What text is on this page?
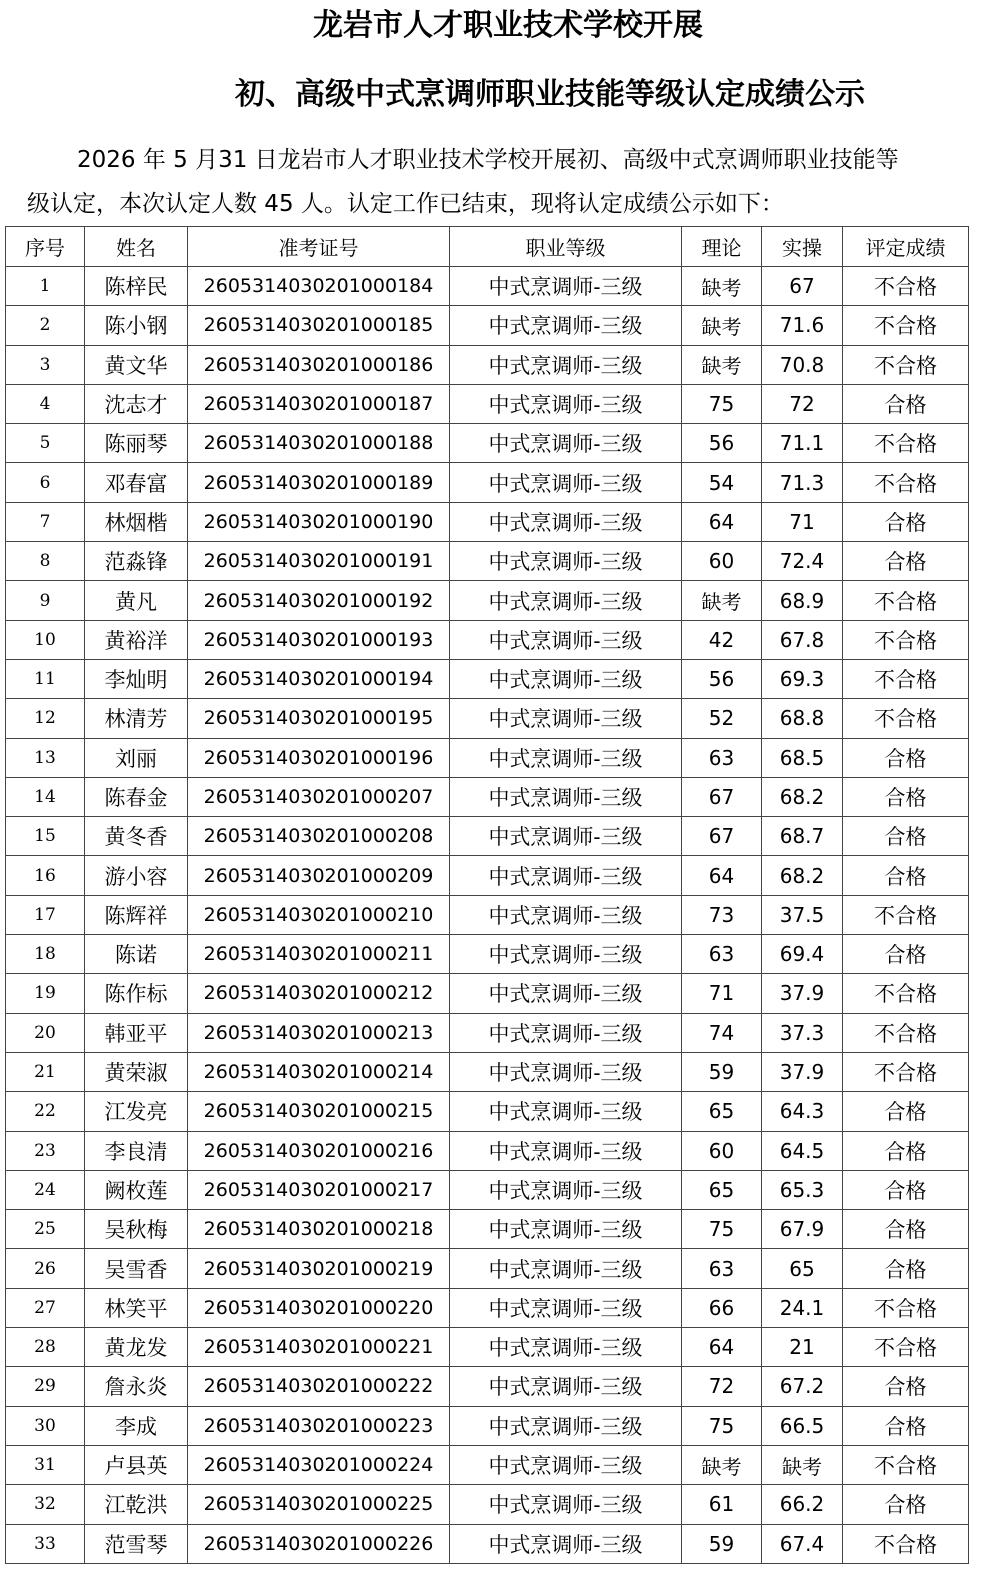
龙岩市人才职业技术学校开展
初、高级中式烹调师职业技能等级认定成绩公示

2026 年 5 月31 日龙岩市人才职业技术学校开展初、高级中式烹调师职业技能等

级认定，本次认定人数 45 人。认定工作已结束，现将认定成绩公示如下：

序号	姓名	准考证号	职业等级	理论	实操	评定成绩
1	陈梓民	2605314030201000184	中式烹调师-三级	缺考	67	不合格
2	陈小钢	2605314030201000185	中式烹调师-三级	缺考	71.6	不合格
3	黄文华	2605314030201000186	中式烹调师-三级	缺考	70.8	不合格
4	沈志才	2605314030201000187	中式烹调师-三级	75	72	合格
5	陈丽琴	2605314030201000188	中式烹调师-三级	56	71.1	不合格
6	邓春富	2605314030201000189	中式烹调师-三级	54	71.3	不合格
7	林烟楷	2605314030201000190	中式烹调师-三级	64	71	合格
8	范淼锋	2605314030201000191	中式烹调师-三级	60	72.4	合格
9	黄凡	2605314030201000192	中式烹调师-三级	缺考	68.9	不合格
10	黄裕洋	2605314030201000193	中式烹调师-三级	42	67.8	不合格
11	李灿明	2605314030201000194	中式烹调师-三级	56	69.3	不合格
12	林清芳	2605314030201000195	中式烹调师-三级	52	68.8	不合格
13	刘丽	2605314030201000196	中式烹调师-三级	63	68.5	合格
14	陈春金	2605314030201000207	中式烹调师-三级	67	68.2	合格
15	黄冬香	2605314030201000208	中式烹调师-三级	67	68.7	合格
16	游小容	2605314030201000209	中式烹调师-三级	64	68.2	合格
17	陈辉祥	2605314030201000210	中式烹调师-三级	73	37.5	不合格
18	陈诺	2605314030201000211	中式烹调师-三级	63	69.4	合格
19	陈作标	2605314030201000212	中式烹调师-三级	71	37.9	不合格
20	韩亚平	2605314030201000213	中式烹调师-三级	74	37.3	不合格
21	黄荣淑	2605314030201000214	中式烹调师-三级	59	37.9	不合格
22	江发亮	2605314030201000215	中式烹调师-三级	65	64.3	合格
23	李良清	2605314030201000216	中式烹调师-三级	60	64.5	合格
24	阙枚莲	2605314030201000217	中式烹调师-三级	65	65.3	合格
25	吴秋梅	2605314030201000218	中式烹调师-三级	75	67.9	合格
26	吴雪香	2605314030201000219	中式烹调师-三级	63	65	合格
27	林笑平	2605314030201000220	中式烹调师-三级	66	24.1	不合格
28	黄龙发	2605314030201000221	中式烹调师-三级	64	21	不合格
29	詹永炎	2605314030201000222	中式烹调师-三级	72	67.2	合格
30	李成	2605314030201000223	中式烹调师-三级	75	66.5	合格
31	卢县英	2605314030201000224	中式烹调师-三级	缺考	缺考	不合格
32	江乾洪	2605314030201000225	中式烹调师-三级	61	66.2	合格
33	范雪琴	2605314030201000226	中式烹调师-三级	59	67.4	不合格
